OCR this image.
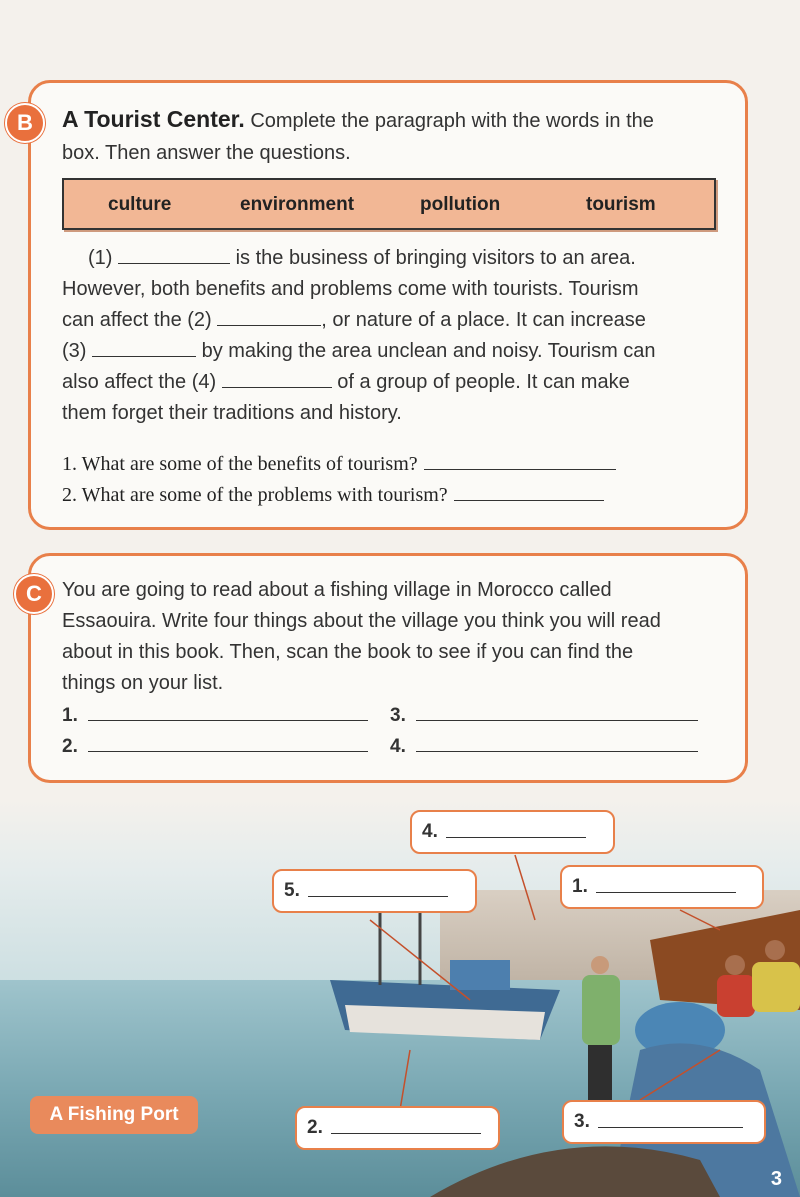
B	A Tourist Center. Complete the paragraph with the words in the
box. Then answer the questions.
culture	environment	pollution	tourism

(1)	is the business of bringing visitors to an area.

However, both benefits and problems come with tourists. Tourism

can affect the (2)	, or nature of a place. It can increase

(3)	by making the area unclean and noisy. Tourism can

also affect the (4)	of a group of people. It can make

them forget their traditions and history.

1. What are some of the benefits of tourism?
2. What are some of the problems with tourism?
C	You are going to read about a fishing village in Morocco called
Essaouira. Write four things about the village you think you will read
about in this book. Then, scan the book to see if you can find the
things on your list.
1.
2.
3.
4.
4.
5.	1.
2.	3.
A Fishing Port
3
